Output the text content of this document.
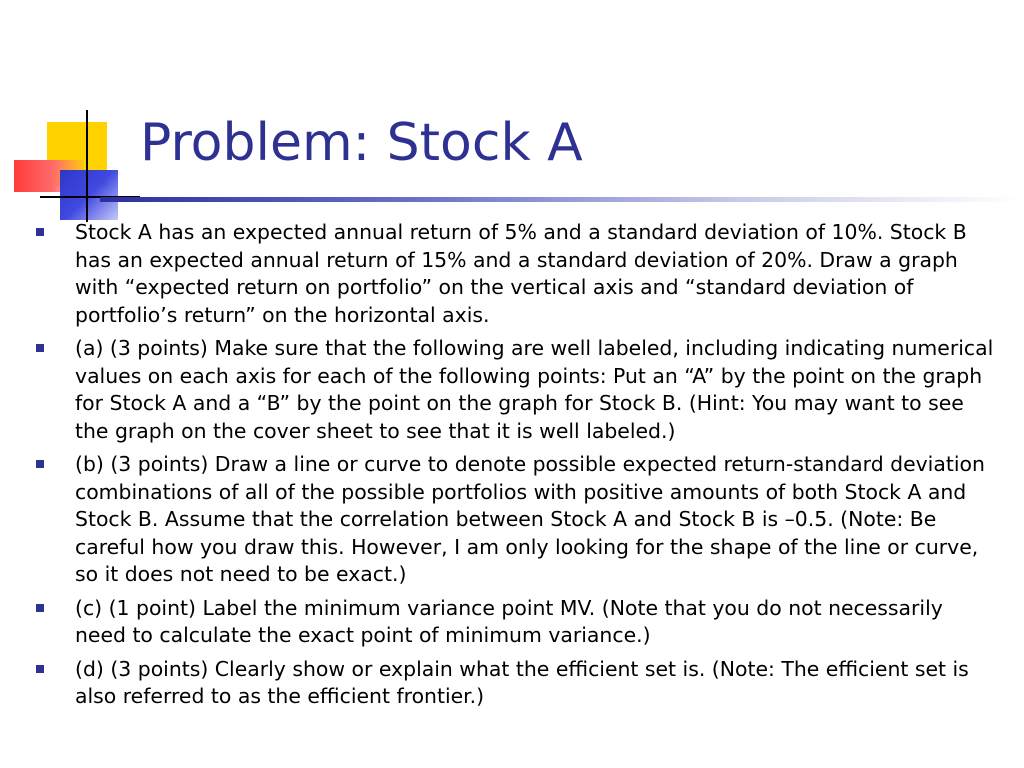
Problem: Stock A
Stock A has an expected annual return of 5% and a standard deviation of 10%. Stock B has an expected annual return of 15% and a standard deviation of 20%. Draw a graph with “expected return on portfolio” on the vertical axis and “standard deviation of portfolio’s return” on the horizontal axis.
(a) (3 points) Make sure that the following are well labeled, including indicating numerical values on each axis for each of the following points: Put an “A” by the point on the graph for Stock A and a “B” by the point on the graph for Stock B. (Hint: You may want to see the graph on the cover sheet to see that it is well labeled.)
(b) (3 points) Draw a line or curve to denote possible expected return-standard deviation combinations of all of the possible portfolios with positive amounts of both Stock A and Stock B. Assume that the correlation between Stock A and Stock B is –0.5. (Note: Be careful how you draw this. However, I am only looking for the shape of the line or curve, so it does not need to be exact.)
(c) (1 point) Label the minimum variance point MV. (Note that you do not necessarily need to calculate the exact point of minimum variance.)
(d) (3 points) Clearly show or explain what the efficient set is. (Note: The efficient set is also referred to as the efficient frontier.)
